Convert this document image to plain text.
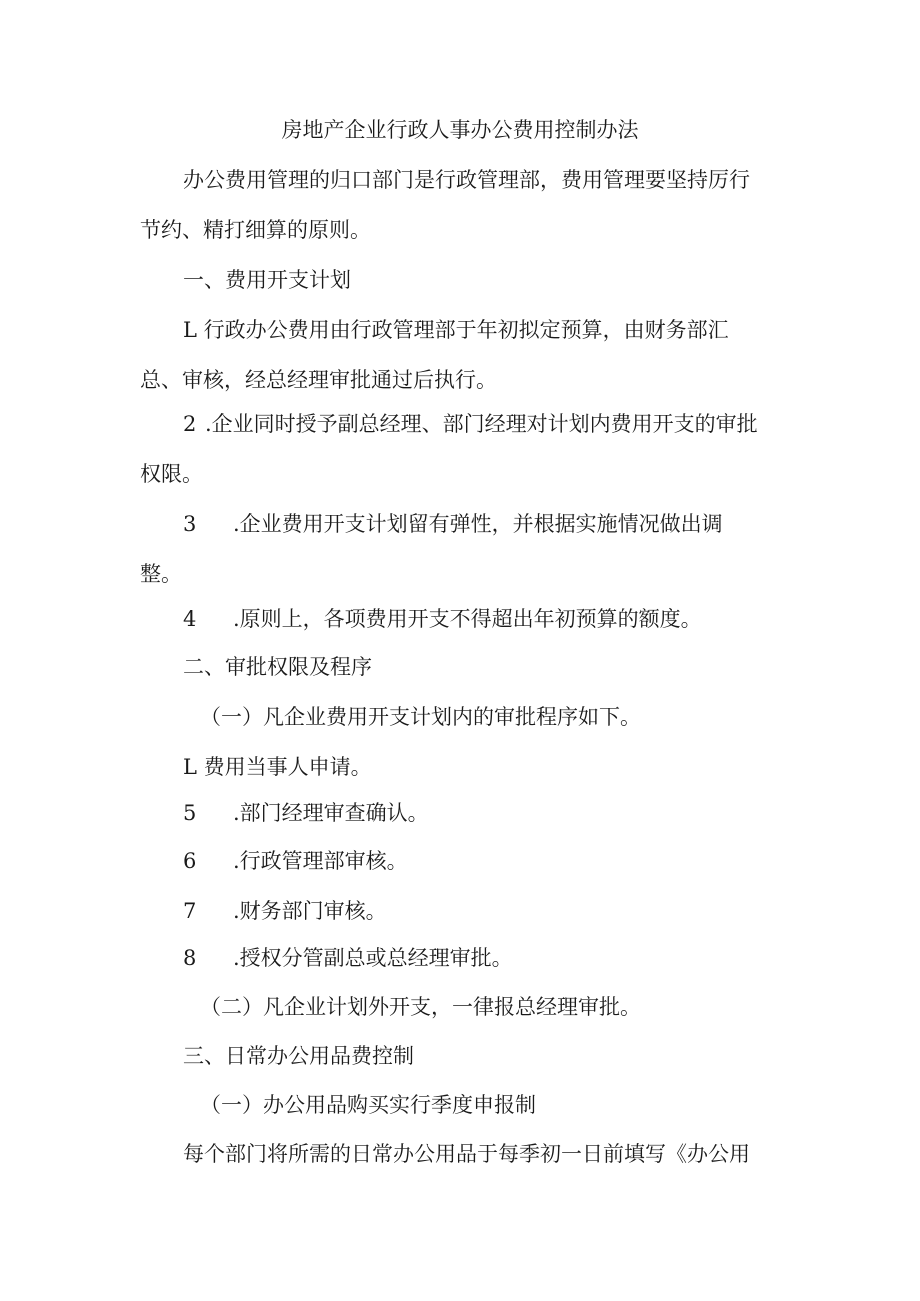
房地产企业行政人事办公费用控制办法
办公费用管理的归口部门是行政管理部，费用管理要坚持厉行
节约、精打细算的原则。
一、费用开支计划
L 行政办公费用由行政管理部于年初拟定预算，由财务部汇
总、审核，经总经理审批通过后执行。
2 .企业同时授予副总经理、部门经理对计划内费用开支的审批
权限。
3 .企业费用开支计划留有弹性，并根据实施情况做出调
整。
4 .原则上，各项费用开支不得超出年初预算的额度。
二、审批权限及程序
（一）凡企业费用开支计划内的审批程序如下。
L 费用当事人申请。
5 .部门经理审查确认。
6 .行政管理部审核。
7 .财务部门审核。
8 .授权分管副总或总经理审批。
（二）凡企业计划外开支，一律报总经理审批。
三、日常办公用品费控制
（一）办公用品购买实行季度申报制
每个部门将所需的日常办公用品于每季初一日前填写《办公用
